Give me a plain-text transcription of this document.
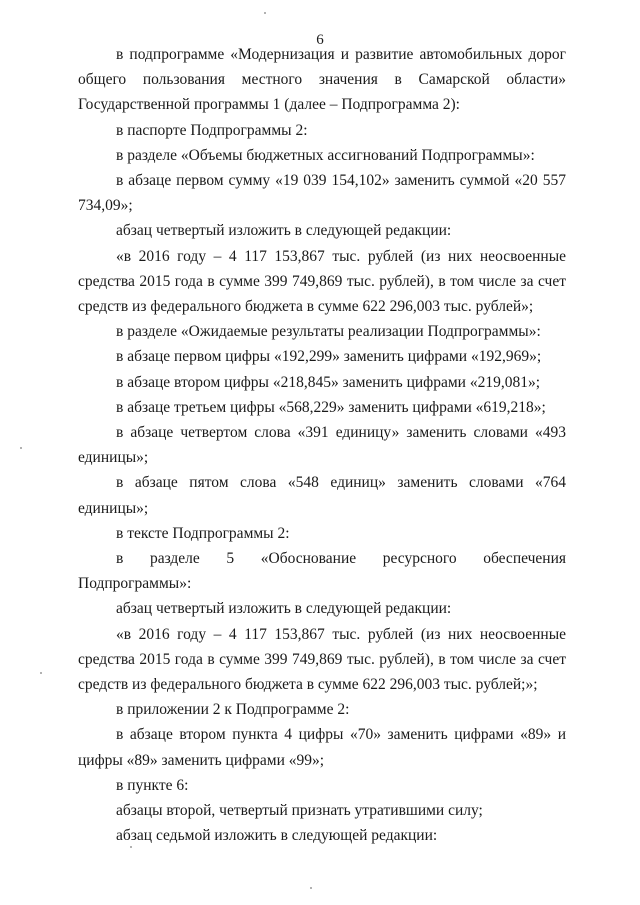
6

в подпрограмме «Модернизация и развитие автомобильных дорог общего пользования местного значения в Самарской области» Государственной программы 1 (далее – Подпрограмма 2):

в паспорте Подпрограммы 2:

в разделе «Объемы бюджетных ассигнований Подпрограммы»:

в абзаце первом сумму «19 039 154,102» заменить суммой «20 557 734,09»;

абзац четвертый изложить в следующей редакции:

«в 2016 году – 4 117 153,867 тыс. рублей (из них неосвоенные средства 2015 года в сумме 399 749,869 тыс. рублей), в том числе за счет средств из федерального бюджета в сумме 622 296,003 тыс. рублей»;

в разделе «Ожидаемые результаты реализации Подпрограммы»:

в абзаце первом цифры «192,299» заменить цифрами «192,969»;

в абзаце втором цифры «218,845» заменить цифрами «219,081»;

в абзаце третьем цифры «568,229» заменить цифрами «619,218»;

в абзаце четвертом слова «391 единицу» заменить словами «493 единицы»;

в абзаце пятом слова «548 единиц» заменить словами «764 единицы»;

в тексте Подпрограммы 2:

в разделе 5 «Обоснование ресурсного обеспечения Подпрограммы»:

абзац четвертый изложить в следующей редакции:

«в 2016 году – 4 117 153,867 тыс. рублей (из них неосвоенные средства 2015 года в сумме 399 749,869 тыс. рублей), в том числе за счет средств из федерального бюджета в сумме 622 296,003 тыс. рублей;»;

в приложении 2 к Подпрограмме 2:

в абзаце втором пункта 4 цифры «70» заменить цифрами «89» и цифры «89» заменить цифрами «99»;

в пункте 6:

абзацы второй, четвертый признать утратившими силу;

абзац седьмой изложить в следующей редакции:
